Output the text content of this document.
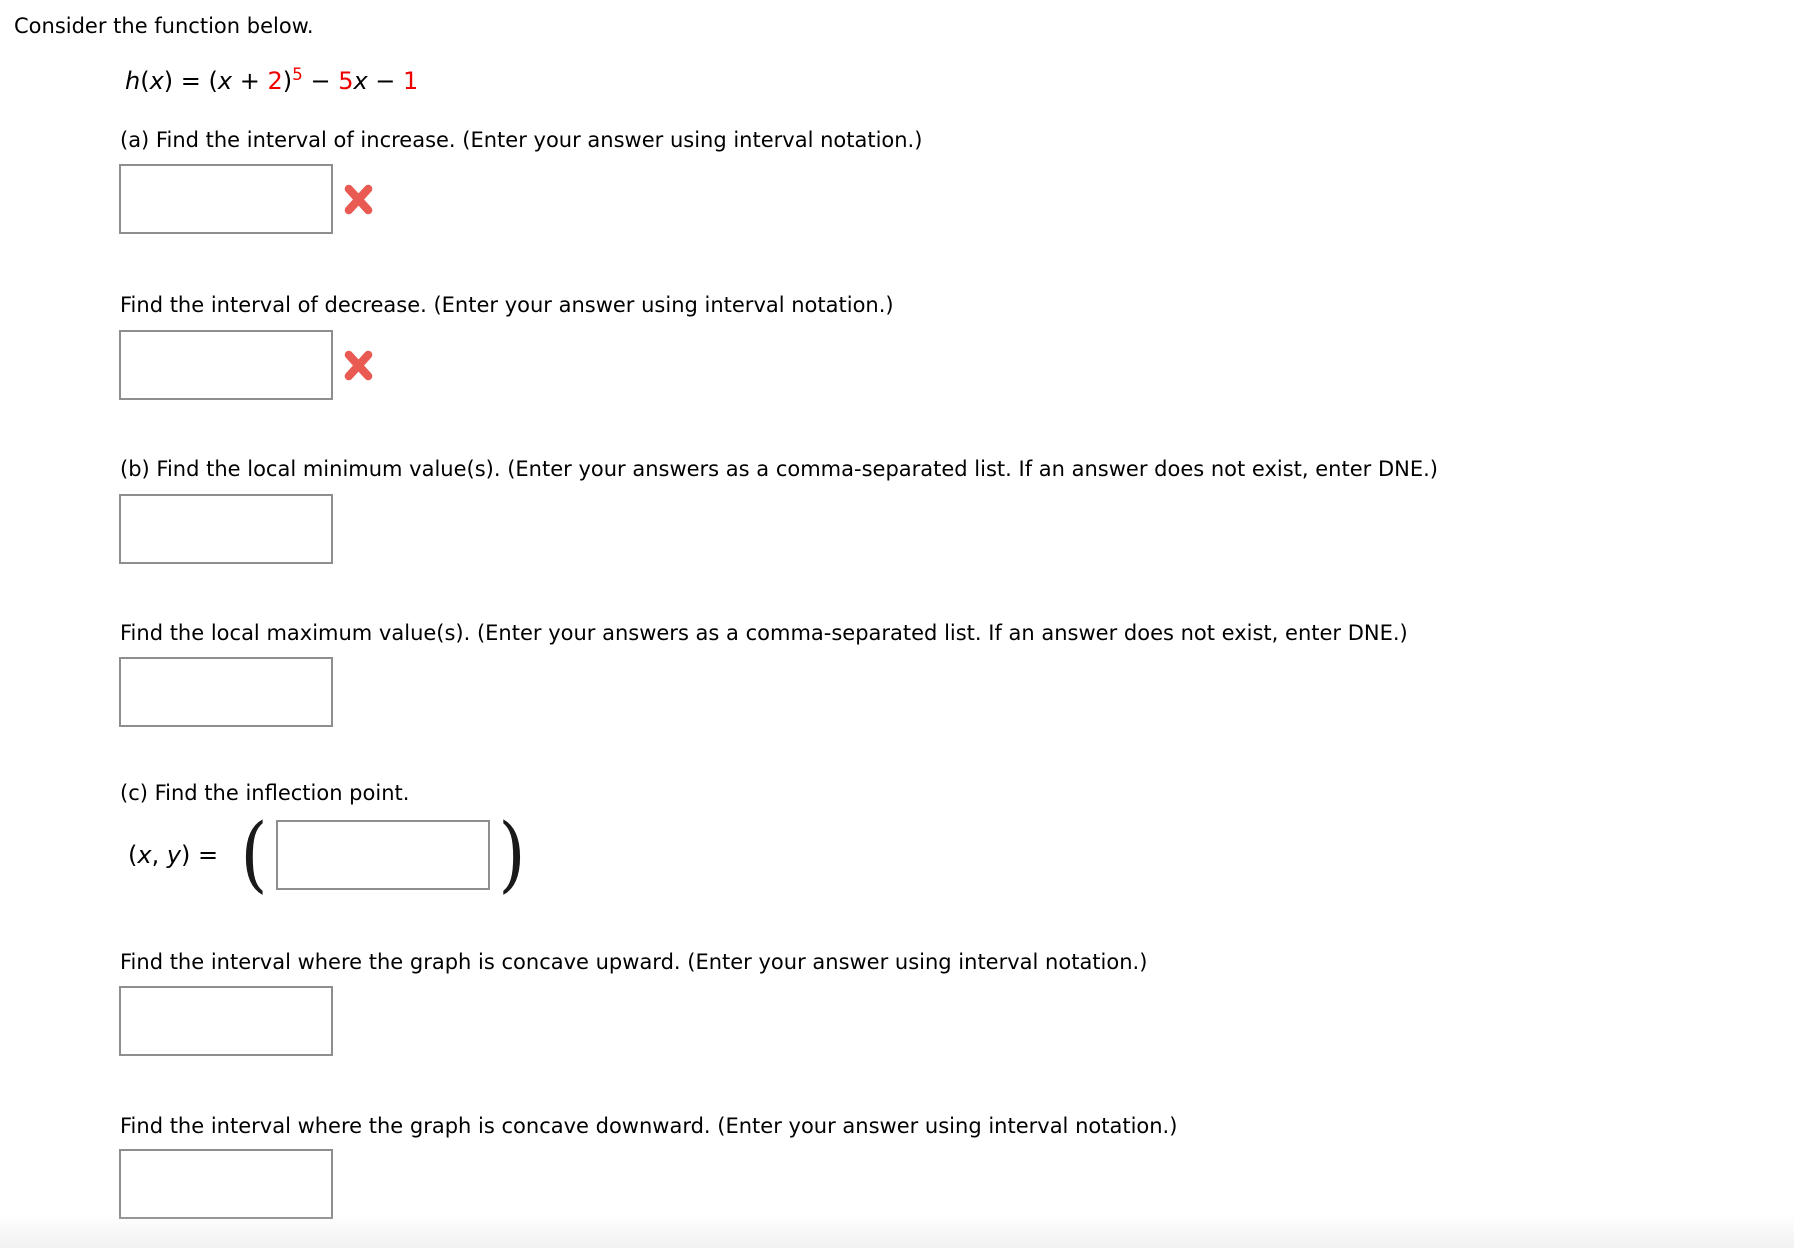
Consider the function below.
$h(x) = (x + 2)^5 - 5x - 1$
(a) Find the interval of increase. (Enter your answer using interval notation.)
Find the interval of decrease. (Enter your answer using interval notation.)
(b) Find the local minimum value(s). (Enter your answers as a comma-separated list. If an answer does not exist, enter DNE.)
Find the local maximum value(s). (Enter your answers as a comma-separated list. If an answer does not exist, enter DNE.)
(c) Find the inflection point.
(x, y) = (	)
Find the interval where the graph is concave upward. (Enter your answer using interval notation.)
Find the interval where the graph is concave downward. (Enter your answer using interval notation.)
